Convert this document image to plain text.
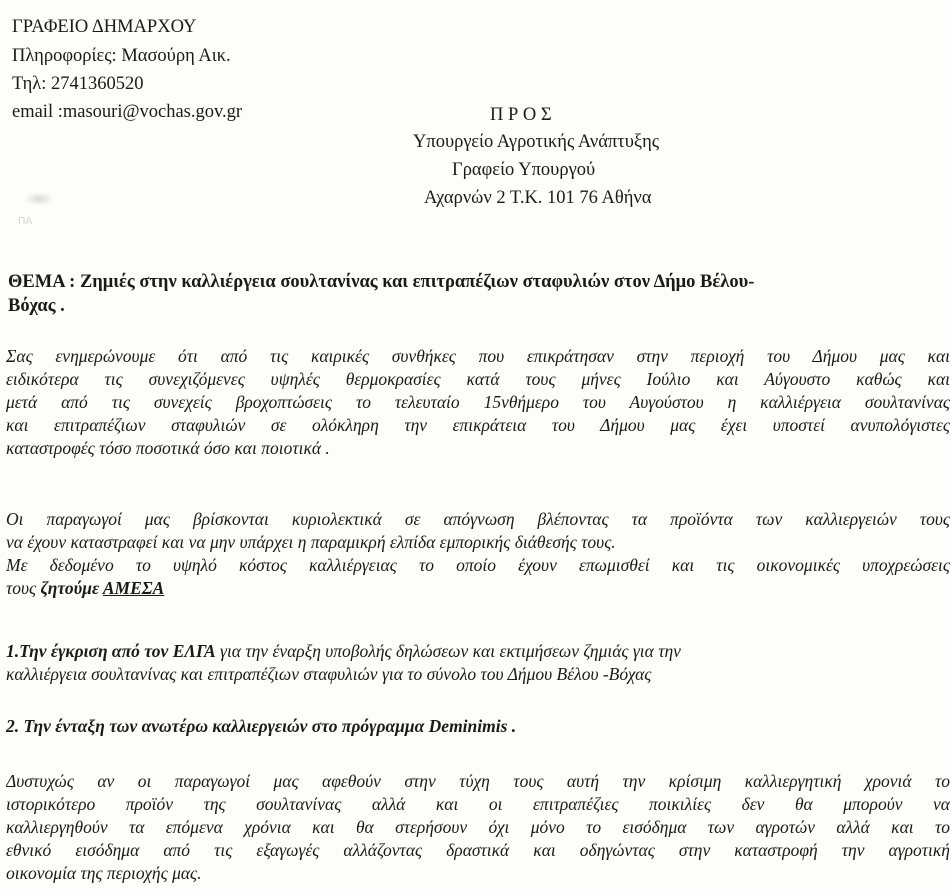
ΓΡΑΦΕΙΟ ΔΗΜΑΡΧΟΥ
Πληροφορίες: Μασούρη Αικ.
Τηλ: 2741360520
email :masouri@vochas.gov.gr	Π Ρ Ο Σ
Υπουργείο Αγροτικής Ανάπτυξης
Γραφείο Υπουργού
Αχαρνών 2 Τ.Κ. 101 76 Αθήνα
ΠΑ
ΘΕΜΑ : Ζημιές στην καλλιέργεια σουλτανίνας και επιτραπέζιων σταφυλιών στον Δήμο Βέλου-
Βόχας .
Σας ενημερώνουμε ότι από τις καιρικές συνθήκες που επικράτησαν στην περιοχή του Δήμου μας και
ειδικότερα τις συνεχιζόμενες υψηλές θερμοκρασίες κατά τους μήνες Ιούλιο και Αύγουστο καθώς και
μετά από τις συνεχείς βροχοπτώσεις το τελευταίο 15νθήμερο του Αυγούστου η καλλιέργεια σουλτανίνας
και επιτραπέζιων σταφυλιών σε ολόκληρη την επικράτεια του Δήμου μας έχει υποστεί ανυπολόγιστες
καταστροφές τόσο ποσοτικά όσο και ποιοτικά .
Οι παραγωγοί μας βρίσκονται κυριολεκτικά σε απόγνωση βλέποντας τα προϊόντα των καλλιεργειών τους
να έχουν καταστραφεί και να μην υπάρχει η παραμικρή ελπίδα εμπορικής διάθεσής τους.
Με δεδομένο το υψηλό κόστος καλλιέργειας το οποίο έχουν επωμισθεί και τις οικονομικές υποχρεώσεις
τους ζητούμε ΑΜΕΣΑ
1.Την έγκριση από τον ΕΛΓΑ για την έναρξη υποβολής δηλώσεων και εκτιμήσεων ζημιάς για την
καλλιέργεια σουλτανίνας και επιτραπέζιων σταφυλιών για το σύνολο του Δήμου Βέλου -Βόχας
2. Την ένταξη των ανωτέρω καλλιεργειών στο πρόγραμμα Deminimis .
Δυστυχώς αν οι παραγωγοί μας αφεθούν στην τύχη τους αυτή την κρίσιμη καλλιεργητική χρονιά το
ιστορικότερο προϊόν της σουλτανίνας αλλά και οι επιτραπέζιες ποικιλίες δεν θα μπορούν να
καλλιεργηθούν τα επόμενα χρόνια και θα στερήσουν όχι μόνο το εισόδημα των αγροτών αλλά και το
εθνικό εισόδημα από τις εξαγωγές αλλάζοντας δραστικά και οδηγώντας στην καταστροφή την αγροτική
οικονομία της περιοχής μας.
